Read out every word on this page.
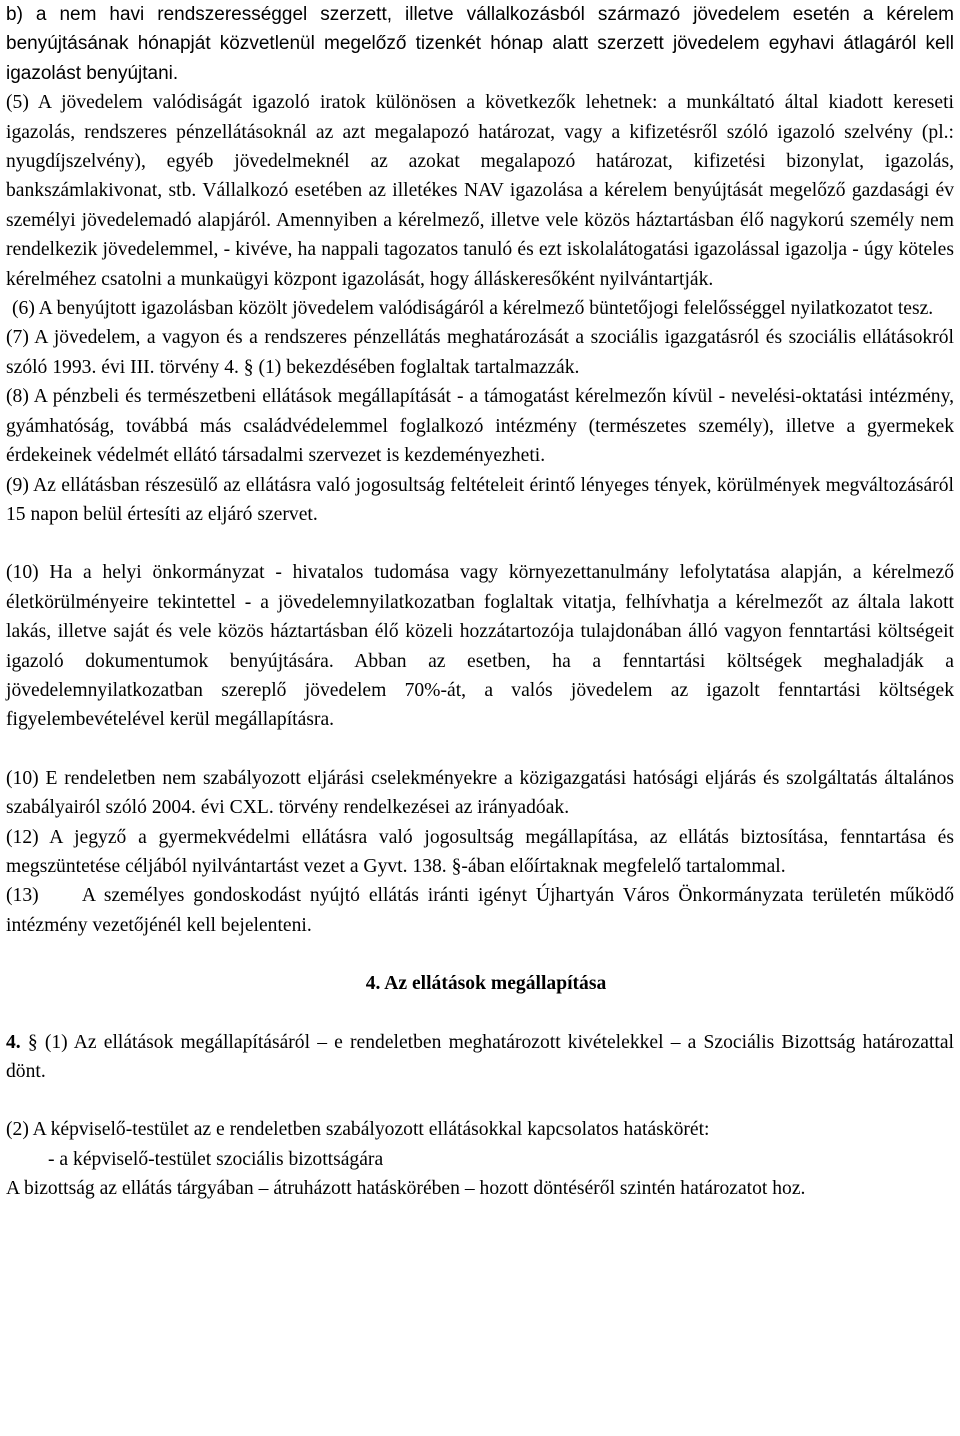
b) a nem havi rendszerességgel szerzett, illetve vállalkozásból származó jövedelem esetén a kérelem benyújtásának hónapját közvetlenül megelőző tizenkét hónap alatt szerzett jövedelem egyhavi átlagáról kell igazolást benyújtani.

(5) A jövedelem valódiságát igazoló iratok különösen a következők lehetnek: a munkáltató által kiadott kereseti igazolás, rendszeres pénzellátásoknál az azt megalapozó határozat, vagy a kifizetésről szóló igazoló szelvény (pl.: nyugdíjszelvény), egyéb jövedelmeknél az azokat megalapozó határozat, kifizetési bizonylat, igazolás, bankszámlakivonat, stb. Vállalkozó esetében az illetékes NAV igazolása a kérelem benyújtását megelőző gazdasági év személyi jövedelemadó alapjáról. Amennyiben a kérelmező, illetve vele közös háztartásban élő nagykorú személy nem rendelkezik jövedelemmel, - kivéve, ha nappali tagozatos tanuló és ezt iskolalátogatási igazolással igazolja - úgy köteles kérelméhez csatolni a munkaügyi központ igazolását, hogy álláskeresőként nyilvántartják.

(6) A benyújtott igazolásban közölt jövedelem valódiságáról a kérelmező büntetőjogi felelősséggel nyilatkozatot tesz.

(7) A jövedelem, a vagyon és a rendszeres pénzellátás meghatározását a szociális igazgatásról és szociális ellátásokról szóló 1993. évi III. törvény 4. § (1) bekezdésében foglaltak tartalmazzák.

(8) A pénzbeli és természetbeni ellátások megállapítását - a támogatást kérelmezőn kívül - nevelési-oktatási intézmény, gyámhatóság, továbbá más családvédelemmel foglalkozó intézmény (természetes személy), illetve a gyermekek érdekeinek védelmét ellátó társadalmi szervezet is kezdeményezheti.

(9) Az ellátásban részesülő az ellátásra való jogosultság feltételeit érintő lényeges tények, körülmények megváltozásáról 15 napon belül értesíti az eljáró szervet.

(10) Ha a helyi önkormányzat - hivatalos tudomása vagy környezettanulmány lefolytatása alapján, a kérelmező életkörülményeire tekintettel - a jövedelemnyilatkozatban foglaltak vitatja, felhívhatja a kérelmezőt az általa lakott lakás, illetve saját és vele közös háztartásban élő közeli hozzátartozója tulajdonában álló vagyon fenntartási költségeit igazoló dokumentumok benyújtására. Abban az esetben, ha a fenntartási költségek meghaladják a jövedelemnyilatkozatban szereplő jövedelem 70%-át, a valós jövedelem az igazolt fenntartási költségek figyelembevételével kerül megállapításra.

(10) E rendeletben nem szabályozott eljárási cselekményekre a közigazgatási hatósági eljárás és szolgáltatás általános szabályairól szóló 2004. évi CXL. törvény rendelkezései az irányadóak.

(12) A jegyző a gyermekvédelmi ellátásra való jogosultság megállapítása, az ellátás biztosítása, fenntartása és megszüntetése céljából nyilvántartást vezet a Gyvt. 138. §-ában előírtaknak megfelelő tartalommal.

(13)     A személyes gondoskodást nyújtó ellátás iránti igényt Újhartyán Város Önkormányzata területén működő intézmény vezetőjénél kell bejelenteni.

4. Az ellátások megállapítása

4. § (1) Az ellátások megállapításáról – e rendeletben meghatározott kivételekkel – a Szociális Bizottság határozattal dönt.

(2) A képviselő-testület az e rendeletben szabályozott ellátásokkal kapcsolatos hatáskörét:

- a képviselő-testület szociális bizottságára

A bizottság az ellátás tárgyában – átruházott hatáskörében – hozott döntéséről szintén határozatot hoz.
